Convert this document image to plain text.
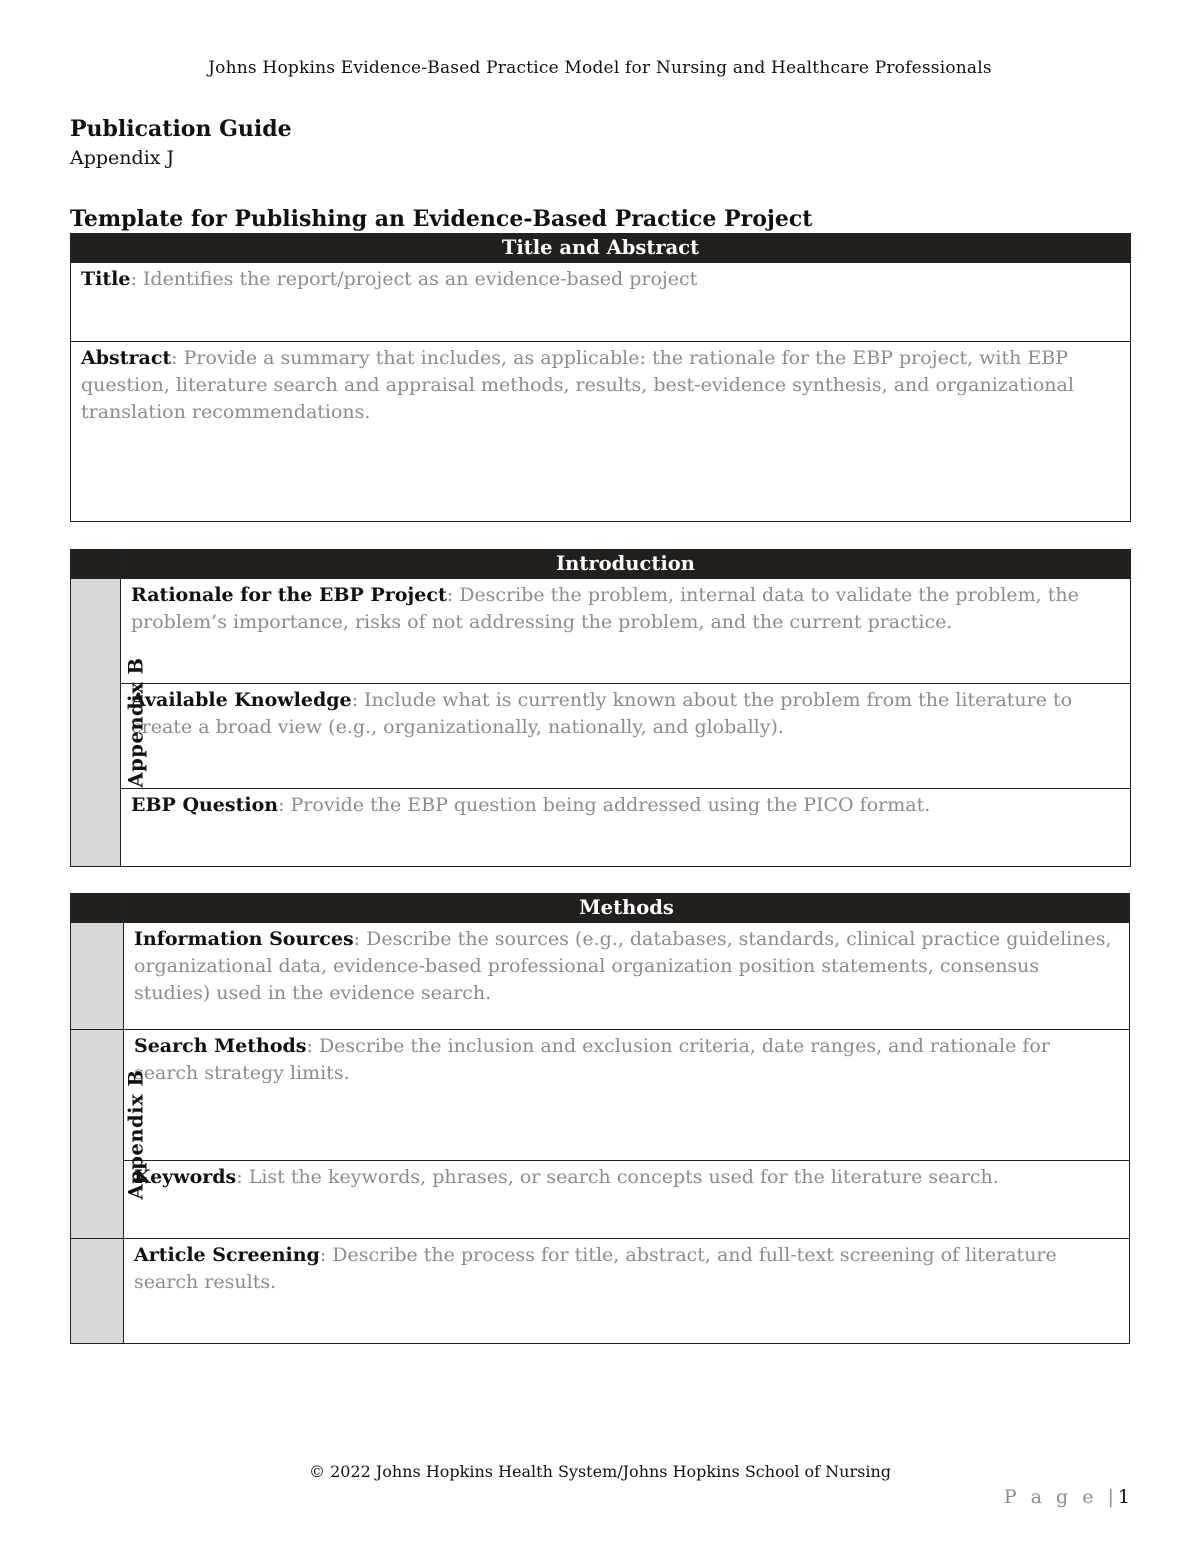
Johns Hopkins Evidence-Based Practice Model for Nursing and Healthcare Professionals
Publication Guide
Appendix J
Template for Publishing an Evidence-Based Practice Project
Title and Abstract
Title: Identifies the report/project as an evidence-based project
Abstract: Provide a summary that includes, as applicable: the rationale for the EBP project, with EBP question, literature search and appraisal methods, results, best-evidence synthesis, and organizational translation recommendations.
	Introduction
Appendix B	Rationale for the EBP Project: Describe the problem, internal data to validate the problem, the problem’s importance, risks of not addressing the problem, and the current practice.
	Available Knowledge: Include what is currently known about the problem from the literature to create a broad view (e.g., organizationally, nationally, and globally).
	EBP Question: Provide the EBP question being addressed using the PICO format.
	Methods
	Information Sources: Describe the sources (e.g., databases, standards, clinical practice guidelines, organizational data, evidence-based professional organization position statements, consensus studies) used in the evidence search.
Appendix B	Search Methods: Describe the inclusion and exclusion criteria, date ranges, and rationale for search strategy limits.
	Keywords: List the keywords, phrases, or search concepts used for the literature search.
	Article Screening: Describe the process for title, abstract, and full-text screening of literature search results.
© 2022 Johns Hopkins Health System/Johns Hopkins School of Nursing
P a g e |1
